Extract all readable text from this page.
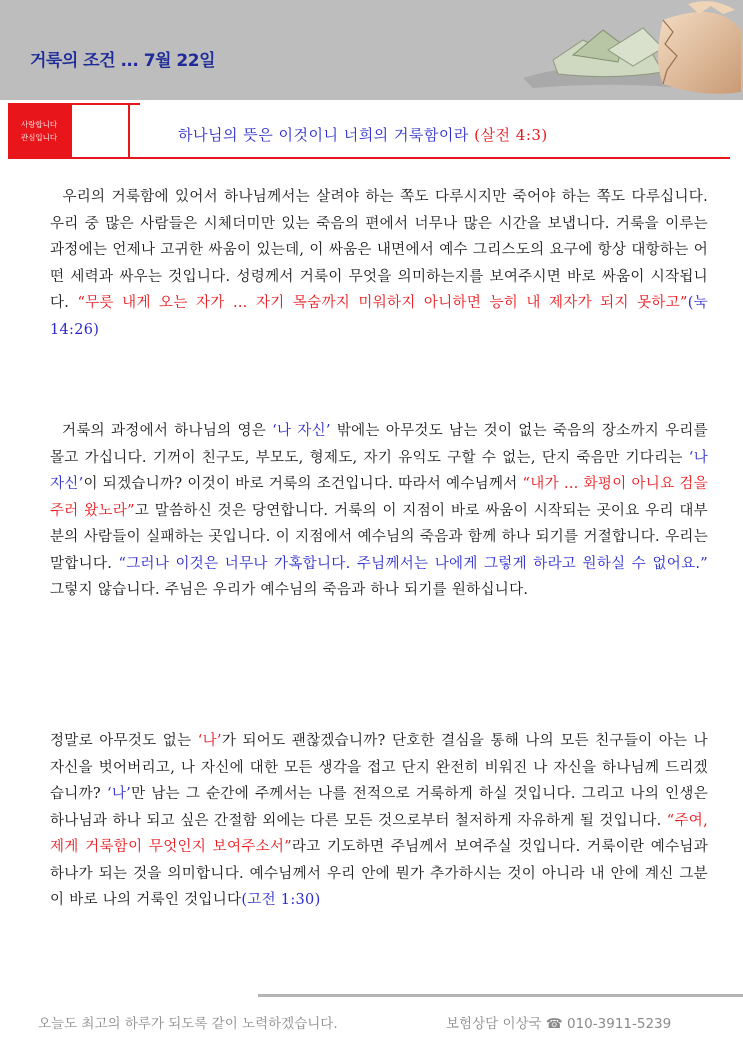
거룩의 조건 ... 7월 22일
사랑합니다
관심입니다	하나님의 뜻은 이것이니 너희의 거룩함이라 (살전 4:3)
우리의 거룩함에 있어서 하나님께서는 살려야 하는 쪽도 다루시지만 죽어야 하는 쪽도 다루십니다. 우리 중 많은 사람들은 시체더미만 있는 죽음의 편에서 너무나 많은 시간을 보냅니다. 거룩을 이루는 과정에는 언제나 고귀한 싸움이 있는데, 이 싸움은 내면에서 예수 그리스도의 요구에 항상 대항하는 어떤 세력과 싸우는 것입니다. 성령께서 거룩이 무엇을 의미하는지를 보여주시면 바로 싸움이 시작됩니다. “무릇 내게 오는 자가 … 자기 목숨까지 미워하지 아니하면 능히 내 제자가 되지 못하고”(눅 14:26)
거룩의 과정에서 하나님의 영은 ‘나 자신’ 밖에는 아무것도 남는 것이 없는 죽음의 장소까지 우리를 몰고 가십니다. 기꺼이 친구도, 부모도, 형제도, 자기 유익도 구할 수 없는, 단지 죽음만 기다리는 ‘나 자신’이 되겠습니까? 이것이 바로 거룩의 조건입니다. 따라서 예수님께서 “내가 … 화평이 아니요 검을 주러 왔노라”고 말씀하신 것은 당연합니다. 거룩의 이 지점이 바로 싸움이 시작되는 곳이요 우리 대부분의 사람들이 실패하는 곳입니다. 이 지점에서 예수님의 죽음과 함께 하나 되기를 거절합니다. 우리는 말합니다. “그러나 이것은 너무나 가혹합니다. 주님께서는 나에게 그렇게 하라고 원하실 수 없어요.” 그렇지 않습니다. 주님은 우리가 예수님의 죽음과 하나 되기를 원하십니다.
정말로 아무것도 없는 ‘나’가 되어도 괜찮겠습니까? 단호한 결심을 통해 나의 모든 친구들이 아는 나 자신을 벗어버리고, 나 자신에 대한 모든 생각을 접고 단지 완전히 비워진 나 자신을 하나님께 드리겠습니까? ‘나’만 남는 그 순간에 주께서는 나를 전적으로 거룩하게 하실 것입니다. 그리고 나의 인생은 하나님과 하나 되고 싶은 간절함 외에는 다른 모든 것으로부터 철저하게 자유하게 될 것입니다. “주여, 제게 거룩함이 무엇인지 보여주소서”라고 기도하면 주님께서 보여주실 것입니다. 거룩이란 예수님과 하나가 되는 것을 의미합니다. 예수님께서 우리 안에 뭔가 추가하시는 것이 아니라 내 안에 계신 그분이 바로 나의 거룩인 것입니다(고전 1:30)
오늘도 최고의 하루가 되도록 같이 노력하겠습니다.	보험상담 이상국 ☎ 010-3911-5239
